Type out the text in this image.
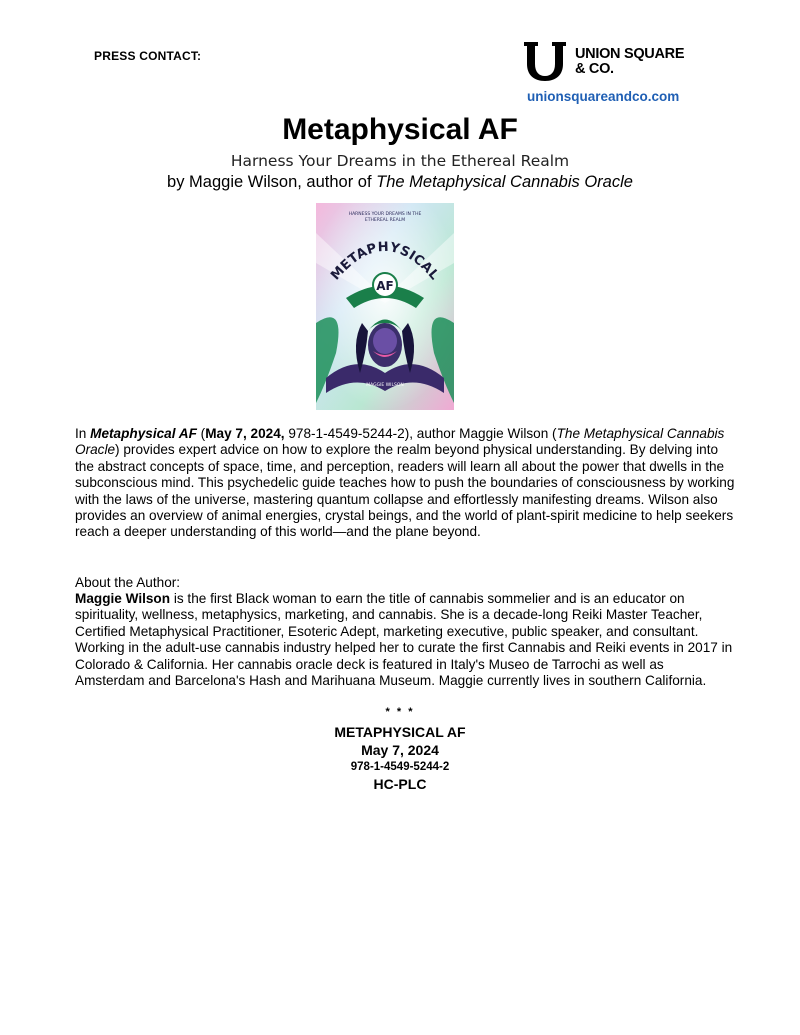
PRESS CONTACT:	UNION SQUARE
& CO.
unionsquareandco.com
Metaphysical AF
Harness Your Dreams in the Ethereal Realm
by Maggie Wilson, author of The Metaphysical Cannabis Oracle
AF
METAPHYSICAL
HARNESS YOUR DREAMS IN THE
ETHEREAL REALM
MAGGIE WILSON
In Metaphysical AF (May 7, 2024, 978-1-4549-5244-2), author Maggie Wilson (The Metaphysical Cannabis Oracle) provides expert advice on how to explore the realm beyond physical understanding. By delving into the abstract concepts of space, time, and perception, readers will learn all about the power that dwells in the subconscious mind. This psychedelic guide teaches how to push the boundaries of consciousness by working with the laws of the universe, mastering quantum collapse and effortlessly manifesting dreams. Wilson also provides an overview of animal energies, crystal beings, and the world of plant-spirit medicine to help seekers reach a deeper understanding of this world—and the plane beyond.
About the Author:
Maggie Wilson is the first Black woman to earn the title of cannabis sommelier and is an educator on spirituality, wellness, metaphysics, marketing, and cannabis. She is a decade-long Reiki Master Teacher, Certified Metaphysical Practitioner, Esoteric Adept, marketing executive, public speaker, and consultant. Working in the adult-use cannabis industry helped her to curate the first Cannabis and Reiki events in 2017 in Colorado & California. Her cannabis oracle deck is featured in Italy's Museo de Tarrochi as well as Amsterdam and Barcelona's Hash and Marihuana Museum. Maggie currently lives in southern California.
* * *
METAPHYSICAL AF
May 7, 2024
978-1-4549-5244-2
HC-PLC
